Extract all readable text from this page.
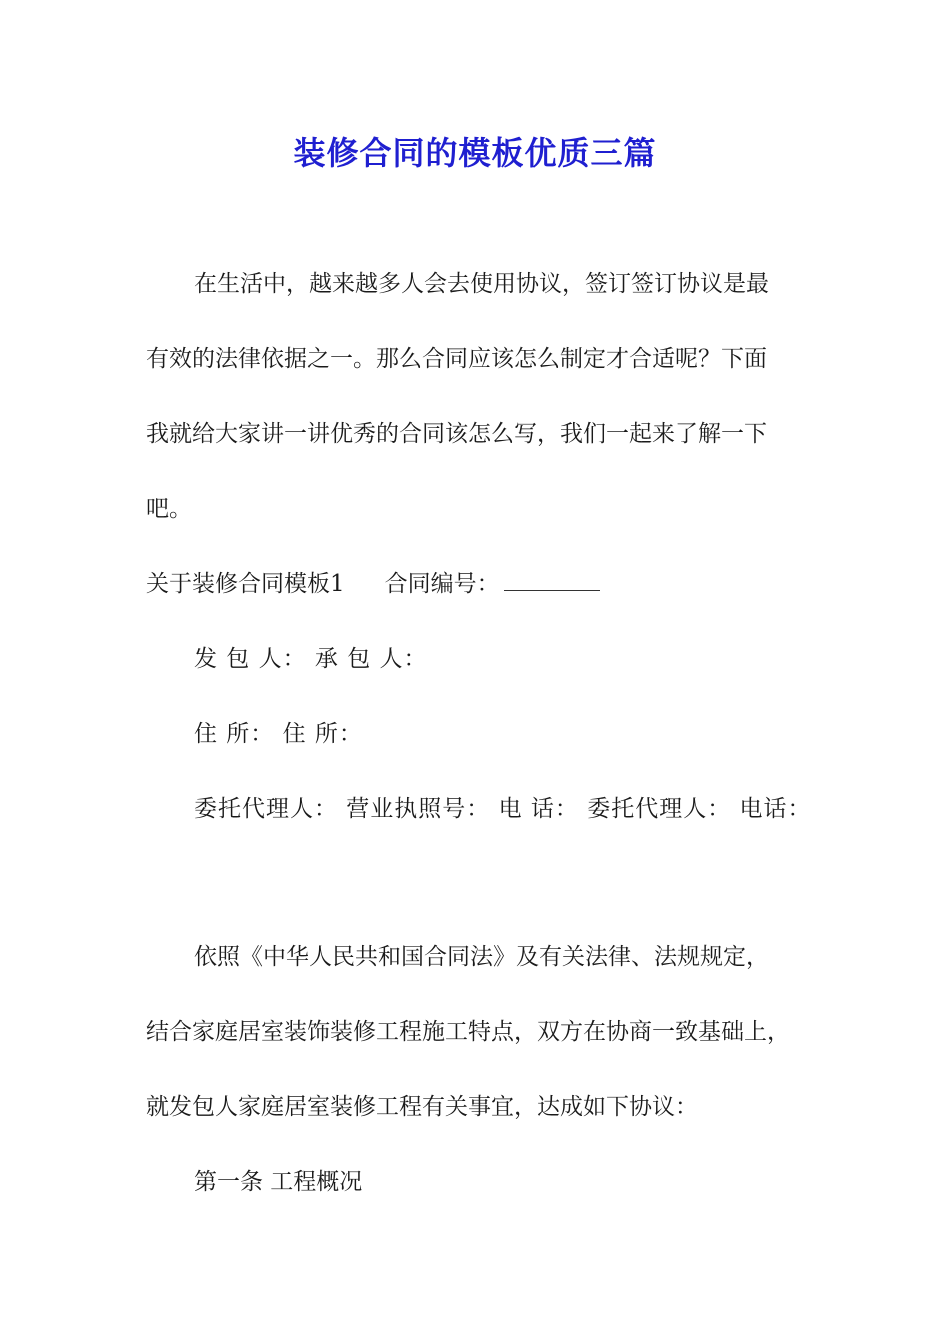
装修合同的模板优质三篇

在生活中，越来越多人会去使用协议，签订签订协议是最

有效的法律依据之一。那么合同应该怎么制定才合适呢？下面

我就给大家讲一讲优秀的合同该怎么写，我们一起来了解一下

吧。

关于装修合同模板1 合同编号：

发 包 人： 承 包 人：

住 所： 住 所：

委托代理人： 营业执照号： 电 话： 委托代理人： 电话：

依照《中华人民共和国合同法》及有关法律、法规规定，

结合家庭居室装饰装修工程施工特点，双方在协商一致基础上，

就发包人家庭居室装修工程有关事宜，达成如下协议：

第一条 工程概况
